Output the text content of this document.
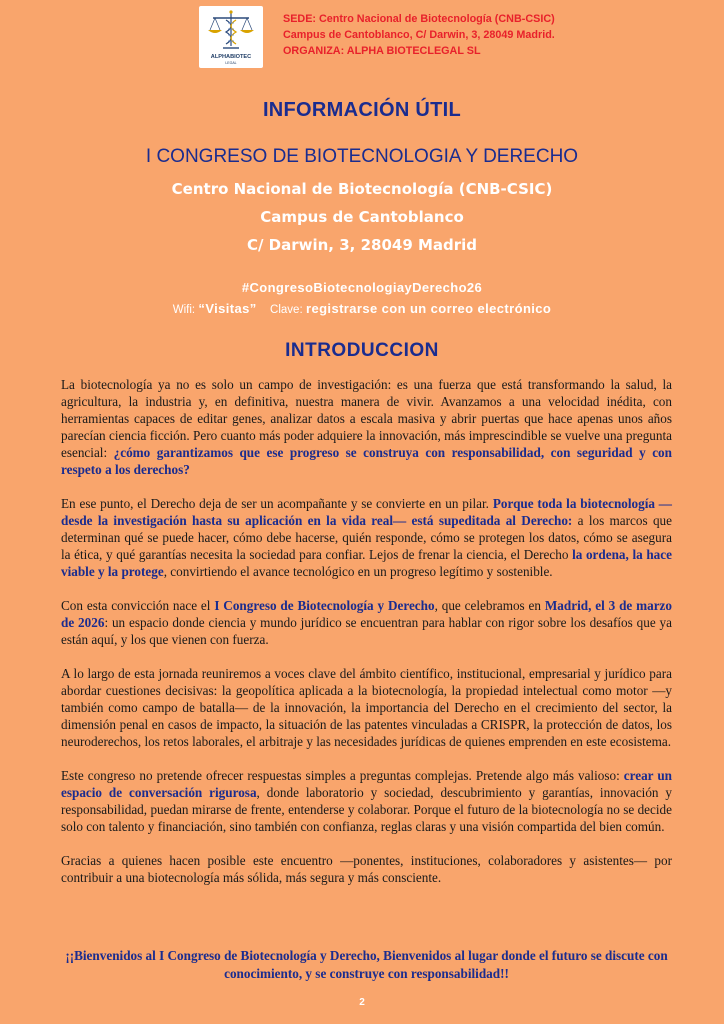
ALPHABIOTEC
LEGAL
SEDE: Centro Nacional de Biotecnología (CNB-CSIC)
Campus de Cantoblanco, C/ Darwin, 3, 28049 Madrid.
ORGANIZA: ALPHA BIOTECLEGAL SL
INFORMACIÓN ÚTIL
I CONGRESO DE BIOTECNOLOGIA Y DERECHO
Centro Nacional de Biotecnología (CNB-CSIC)
Campus de Cantoblanco
C/ Darwin, 3, 28049 Madrid
#CongresoBiotecnologiayDerecho26
Wifi: “Visitas” Clave: registrarse con un correo electrónico
INTRODUCCION

La biotecnología ya no es solo un campo de investigación: es una fuerza que está transformando la salud, la agricultura, la industria y, en definitiva, nuestra manera de vivir. Avanzamos a una velocidad inédita, con herramientas capaces de editar genes, analizar datos a escala masiva y abrir puertas que hace apenas unos años parecían ciencia ficción. Pero cuanto más poder adquiere la innovación, más imprescindible se vuelve una pregunta esencial: ¿cómo garantizamos que ese progreso se construya con responsabilidad, con seguridad y con respeto a los derechos?

En ese punto, el Derecho deja de ser un acompañante y se convierte en un pilar. Porque toda la biotecnología —desde la investigación hasta su aplicación en la vida real— está supeditada al Derecho: a los marcos que determinan qué se puede hacer, cómo debe hacerse, quién responde, cómo se protegen los datos, cómo se asegura la ética, y qué garantías necesita la sociedad para confiar. Lejos de frenar la ciencia, el Derecho la ordena, la hace viable y la protege, convirtiendo el avance tecnológico en un progreso legítimo y sostenible.

Con esta convicción nace el I Congreso de Biotecnología y Derecho, que celebramos en Madrid, el 3 de marzo de 2026: un espacio donde ciencia y mundo jurídico se encuentran para hablar con rigor sobre los desafíos que ya están aquí, y los que vienen con fuerza.

A lo largo de esta jornada reuniremos a voces clave del ámbito científico, institucional, empresarial y jurídico para abordar cuestiones decisivas: la geopolítica aplicada a la biotecnología, la propiedad intelectual como motor —y también como campo de batalla— de la innovación, la importancia del Derecho en el crecimiento del sector, la dimensión penal en casos de impacto, la situación de las patentes vinculadas a CRISPR, la protección de datos, los neuroderechos, los retos laborales, el arbitraje y las necesidades jurídicas de quienes emprenden en este ecosistema.

Este congreso no pretende ofrecer respuestas simples a preguntas complejas. Pretende algo más valioso: crear un espacio de conversación rigurosa, donde laboratorio y sociedad, descubrimiento y garantías, innovación y responsabilidad, puedan mirarse de frente, entenderse y colaborar. Porque el futuro de la biotecnología no se decide solo con talento y financiación, sino también con confianza, reglas claras y una visión compartida del bien común.

Gracias a quienes hacen posible este encuentro —ponentes, instituciones, colaboradores y asistentes— por contribuir a una biotecnología más sólida, más segura y más consciente.

¡¡Bienvenidos al I Congreso de Biotecnología y Derecho, Bienvenidos al lugar donde el futuro se discute con conocimiento, y se construye con responsabilidad!!
2
